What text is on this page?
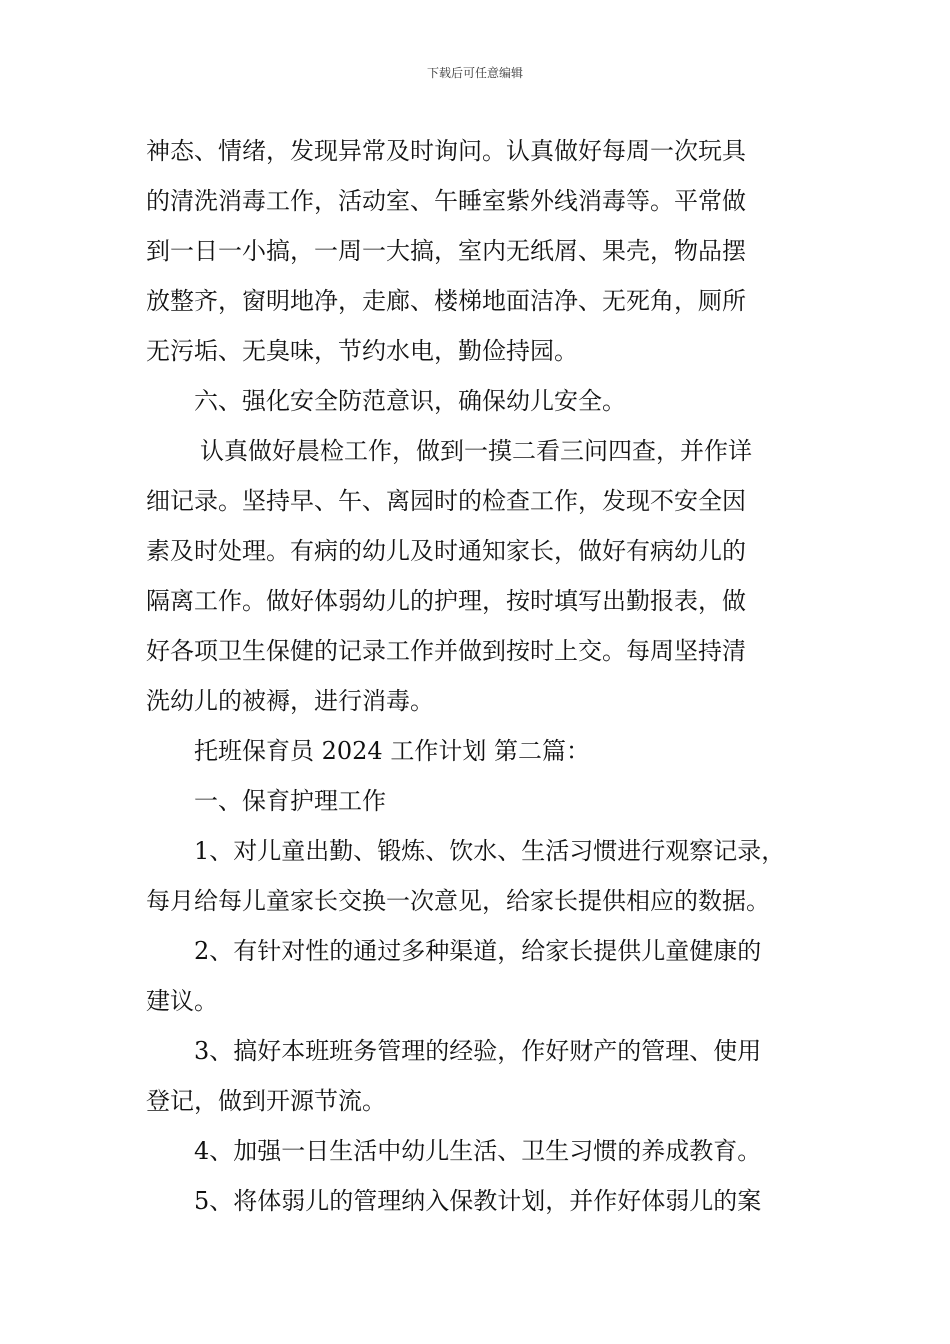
下载后可任意编辑
神态、情绪，发现异常及时询问。认真做好每周一次玩具
的清洗消毒工作，活动室、午睡室紫外线消毒等。平常做
到一日一小搞，一周一大搞，室内无纸屑、果壳，物品摆
放整齐，窗明地净，走廊、楼梯地面洁净、无死角，厕所
无污垢、无臭味，节约水电，勤俭持园。
六、强化安全防范意识，确保幼儿安全。
认真做好晨检工作，做到一摸二看三问四查，并作详
细记录。坚持早、午、离园时的检查工作，发现不安全因
素及时处理。有病的幼儿及时通知家长，做好有病幼儿的
隔离工作。做好体弱幼儿的护理，按时填写出勤报表，做
好各项卫生保健的记录工作并做到按时上交。每周坚持清
洗幼儿的被褥，进行消毒。
托班保育员 2024 工作计划 第二篇：
一、保育护理工作
1、对儿童出勤、锻炼、饮水、生活习惯进行观察记录，
每月给每儿童家长交换一次意见，给家长提供相应的数据。
2、有针对性的通过多种渠道，给家长提供儿童健康的
建议。
3、搞好本班班务管理的经验，作好财产的管理、使用
登记，做到开源节流。
4、加强一日生活中幼儿生活、卫生习惯的养成教育。
5、将体弱儿的管理纳入保教计划，并作好体弱儿的案
